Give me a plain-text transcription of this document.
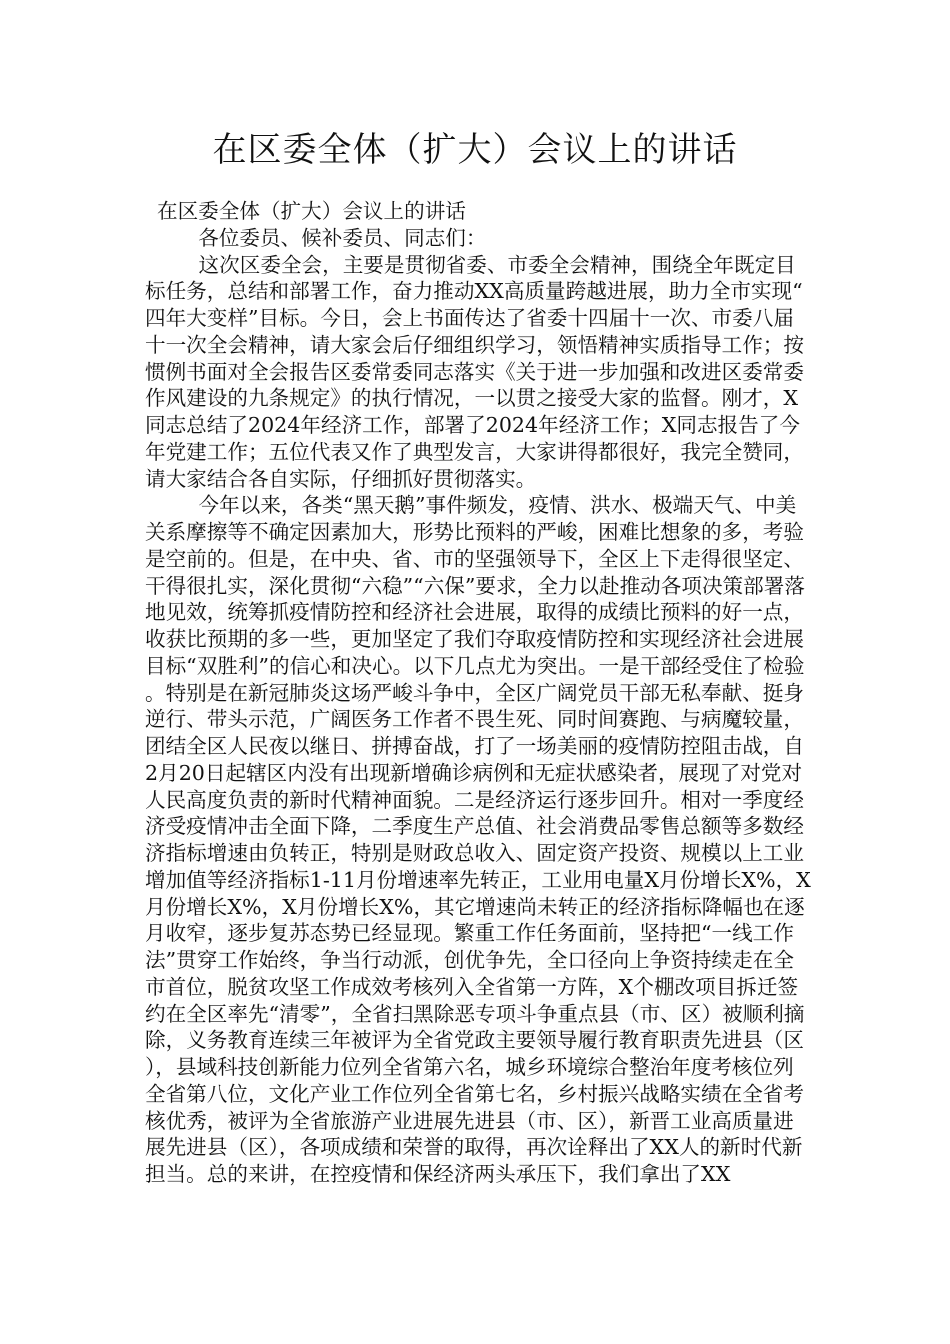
在区委全体（扩大）会议上的讲话

在区委全体（扩大）会议上的讲话

各位委员、候补委员、同志们：

这次区委全会，主要是贯彻省委、市委全会精神，围绕全年既定目标任务，总结和部署工作，奋力推动XX高质量跨越进展，助力全市实现“四年大变样”目标。今日，会上书面传达了省委十四届十一次、市委八届十一次全会精神，请大家会后仔细组织学习，领悟精神实质指导工作；按惯例书面对全会报告区委常委同志落实《关于进一步加强和改进区委常委作风建设的九条规定》的执行情况，一以贯之接受大家的监督。刚才，X同志总结了2024年经济工作，部署了2024年经济工作；X同志报告了今年党建工作；五位代表又作了典型发言，大家讲得都很好，我完全赞同，请大家结合各自实际，仔细抓好贯彻落实。

今年以来，各类“黑天鹅”事件频发，疫情、洪水、极端天气、中美关系摩擦等不确定因素加大，形势比预料的严峻，困难比想象的多，考验是空前的。但是，在中央、省、市的坚强领导下，全区上下走得很坚定、干得很扎实，深化贯彻“六稳”“六保”要求，全力以赴推动各项决策部署落地见效，统筹抓疫情防控和经济社会进展，取得的成绩比预料的好一点，收获比预期的多一些，更加坚定了我们夺取疫情防控和实现经济社会进展目标“双胜利”的信心和决心。以下几点尤为突出。一是干部经受住了检验。特别是在新冠肺炎这场严峻斗争中，全区广阔党员干部无私奉献、挺身逆行、带头示范，广阔医务工作者不畏生死、同时间赛跑、与病魔较量，团结全区人民夜以继日、拼搏奋战，打了一场美丽的疫情防控阻击战，自2月20日起辖区内没有出现新增确诊病例和无症状感染者，展现了对党对人民高度负责的新时代精神面貌。二是经济运行逐步回升。相对一季度经济受疫情冲击全面下降，二季度生产总值、社会消费品零售总额等多数经济指标增速由负转正，特别是财政总收入、固定资产投资、规模以上工业增加值等经济指标1-11月份增速率先转正，工业用电量X月份增长X%，X月份增长X%，X月份增长X%，其它增速尚未转正的经济指标降幅也在逐月收窄，逐步复苏态势已经显现。繁重工作任务面前，坚持把“一线工作法”贯穿工作始终，争当行动派，创优争先，全口径向上争资持续走在全市首位，脱贫攻坚工作成效考核列入全省第一方阵，X个棚改项目拆迁签约在全区率先“清零”，全省扫黑除恶专项斗争重点县（市、区）被顺利摘除，义务教育连续三年被评为全省党政主要领导履行教育职责先进县（区），县域科技创新能力位列全省第六名，城乡环境综合整治年度考核位列全省第八位，文化产业工作位列全省第七名，乡村振兴战略实绩在全省考核优秀，被评为全省旅游产业进展先进县（市、区），新晋工业高质量进展先进县（区），各项成绩和荣誉的取得，再次诠释出了XX人的新时代新担当。总的来讲，在控疫情和保经济两头承压下，我们拿出了XX
